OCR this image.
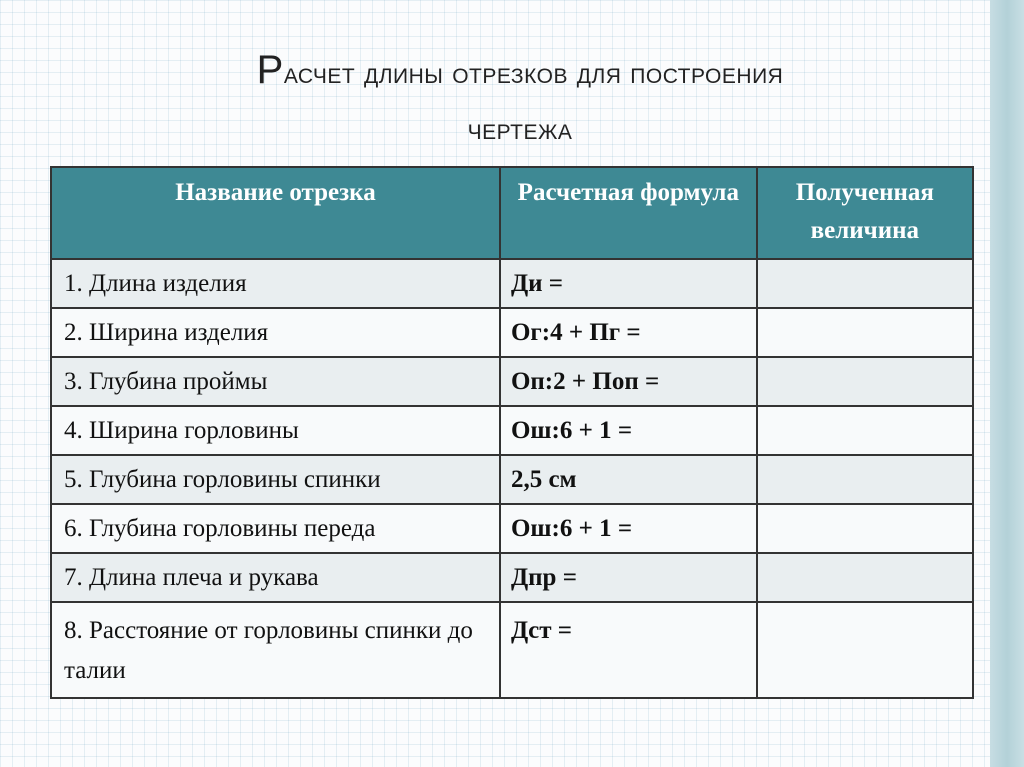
Расчет длины отрезков для построения
чертежа
Название отрезка	Расчетная формула	Полученная величина
1. Длина изделия	Ди =	
2. Ширина изделия	Ог:4 + Пг =	
3. Глубина проймы	Оп:2 + Поп =	
4. Ширина горловины	Ош:6 + 1 =	
5. Глубина горловины спинки	2,5 см	
6. Глубина горловины переда	Ош:6 + 1 =	
7. Длина плеча и рукава	Дпр =	
8. Расстояние от горловины спинки до талии	Дст =	
